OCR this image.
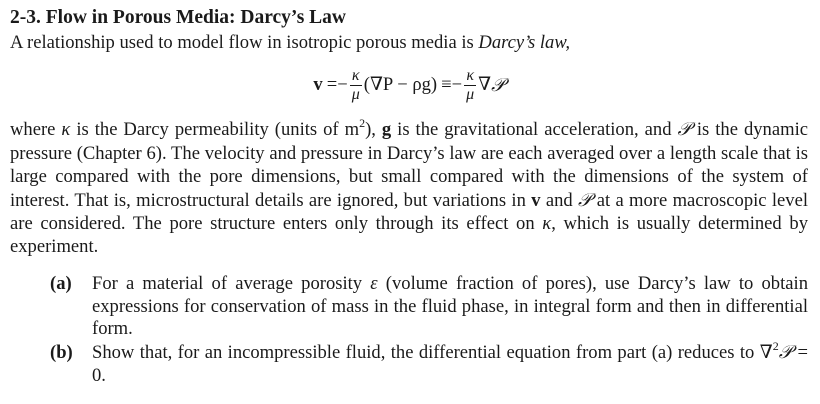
2-3. Flow in Porous Media: Darcy’s Law

A relationship used to model flow in isotropic porous media is Darcy’s law,

v = − $\frac{\kappa}{\mu} (\nabla P - \rho g)$ ≡ − $\frac{\kappa}{\mu}$ ∇ 𝒫

where κ is the Darcy permeability (units of $m^2$), g is the gravitational acceleration, and 𝒫 is the dynamic pressure (Chapter 6). The velocity and pressure in Darcy’s law are each averaged over a length scale that is large compared with the pore dimensions, but small compared with the dimensions of the system of interest. That is, microstructural details are ignored, but variations in v and 𝒫 at a more macroscopic level are considered. The pore structure enters only through its effect on κ, which is usually determined by experiment.

(a) For a material of average porosity ε (volume fraction of pores), use Darcy’s law to obtain expressions for conservation of mass in the fluid phase, in integral form and then in differential form.
(b) Show that, for an incompressible fluid, the differential equation from part (a) reduces to ∇$^2$𝒫 = 0.
